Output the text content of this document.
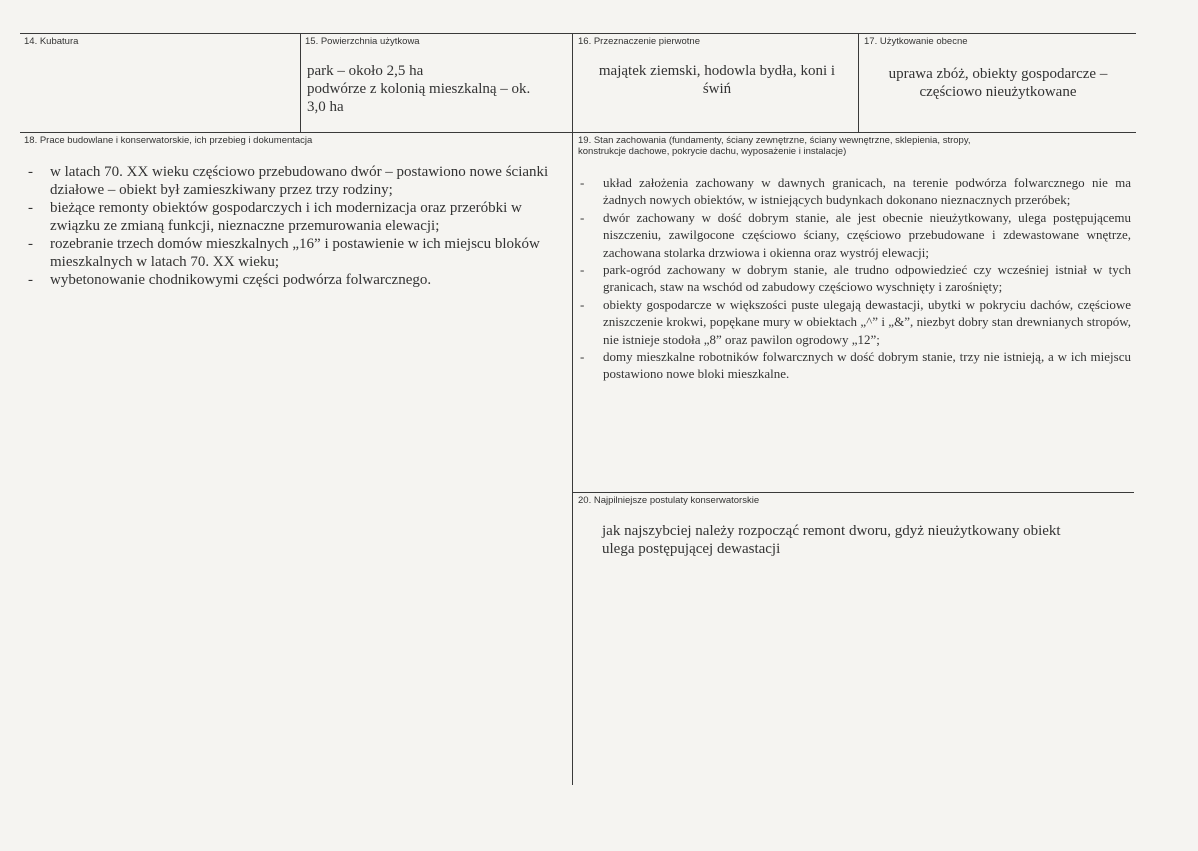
14. Kubatura	15. Powierzchnia użytkowa
park – około 2,5 ha
podwórze z kolonią mieszkalną – ok.
3,0 ha
16. Przeznaczenie pierwotne
majątek ziemski, hodowla bydła, koni i
świń
17. Użytkowanie obecne
uprawa zbóż, obiekty gospodarcze –
częściowo nieużytkowane
18. Prace budowlane i konserwatorskie, ich przebieg i dokumentacja
- w latach 70. XX wieku częściowo przebudowano dwór – postawiono nowe ścianki działowe – obiekt był zamieszkiwany przez trzy rodziny;
- bieżące remonty obiektów gospodarczych i ich modernizacja oraz przeróbki w związku ze zmianą funkcji, nieznaczne przemurowania elewacji;
- rozebranie trzech domów mieszkalnych „16” i postawienie w ich miejscu bloków mieszkalnych w latach 70. XX wieku;
- wybetonowanie chodnikowymi części podwórza folwarcznego.
19. Stan zachowania (fundamenty, ściany zewnętrzne, ściany wewnętrzne, sklepienia, stropy,
konstrukcje dachowe, pokrycie dachu, wyposażenie i instalacje)
- układ założenia zachowany w dawnych granicach, na terenie podwórza folwarcznego nie ma żadnych nowych obiektów, w istniejących budynkach dokonano nieznacznych przeróbek;
- dwór zachowany w dość dobrym stanie, ale jest obecnie nieużytkowany, ulega postępującemu niszczeniu, zawilgocone częściowo ściany, częściowo przebudowane i zdewastowane wnętrze, zachowana stolarka drzwiowa i okienna oraz wystrój elewacji;
- park-ogród zachowany w dobrym stanie, ale trudno odpowiedzieć czy wcześniej istniał w tych granicach, staw na wschód od zabudowy częściowo wyschnięty i zarośnięty;
- obiekty gospodarcze w większości puste ulegają dewastacji, ubytki w pokryciu dachów, częściowe zniszczenie krokwi, popękane mury w obiektach „^” i „&”, niezbyt dobry stan drewnianych stropów, nie istnieje stodoła „8” oraz pawilon ogrodowy „12”;
- domy mieszkalne robotników folwarcznych w dość dobrym stanie, trzy nie istnieją, a w ich miejscu postawiono nowe bloki mieszkalne.
20. Najpilniejsze postulaty konserwatorskie
jak najszybciej należy rozpocząć remont dworu, gdyż nieużytkowany obiekt
ulega postępującej dewastacji
